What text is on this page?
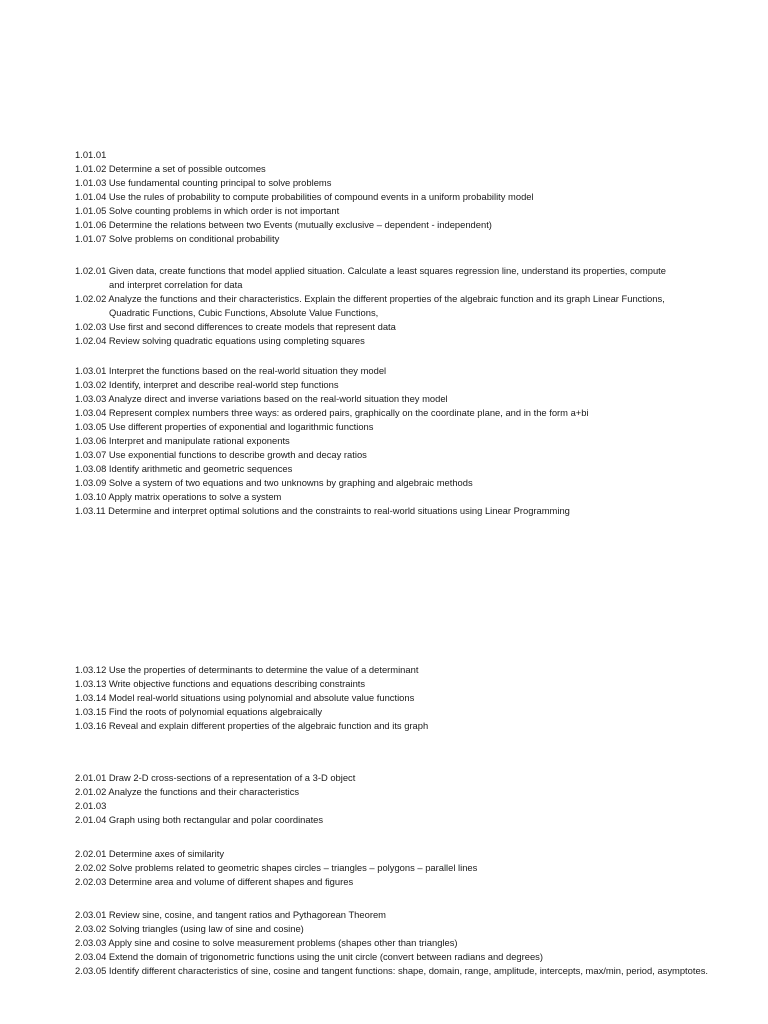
1.01.01
1.01.02 Determine a set of possible outcomes
1.01.03 Use fundamental counting principal to solve problems
1.01.04 Use the rules of probability to compute probabilities of compound events in a uniform probability model
1.01.05 Solve counting problems in which order is not important
1.01.06 Determine the relations between two Events (mutually exclusive – dependent - independent)
1.01.07 Solve problems on conditional probability
1.02.01 Given data, create functions that model applied situation. Calculate a least squares regression line, understand its properties, compute
and interpret correlation for data
1.02.02 Analyze the functions and their characteristics. Explain the different properties of the algebraic function and its graph Linear Functions,
Quadratic Functions, Cubic Functions, Absolute Value Functions,
1.02.03 Use first and second differences to create models that represent data
1.02.04 Review solving quadratic equations using completing squares
1.03.01 Interpret the functions based on the real-world situation they model
1.03.02 Identify, interpret and describe real-world step functions
1.03.03 Analyze direct and inverse variations based on the real-world situation they model
1.03.04 Represent complex numbers three ways: as ordered pairs, graphically on the coordinate plane, and in the form a+bi
1.03.05 Use different properties of exponential and logarithmic functions
1.03.06 Interpret and manipulate rational exponents
1.03.07 Use exponential functions to describe growth and decay ratios
1.03.08 Identify arithmetic and geometric sequences
1.03.09 Solve a system of two equations and two unknowns by graphing and algebraic methods
1.03.10 Apply matrix operations to solve a system
1.03.11 Determine and interpret optimal solutions and the constraints to real-world situations using Linear Programming
1.03.12 Use the properties of determinants to determine the value of a determinant
1.03.13 Write objective functions and equations describing constraints
1.03.14 Model real-world situations using polynomial and absolute value functions
1.03.15 Find the roots of polynomial equations algebraically
1.03.16 Reveal and explain different properties of the algebraic function and its graph
2.01.01 Draw 2-D cross-sections of a representation of a 3-D object
2.01.02 Analyze the functions and their characteristics
2.01.03
2.01.04 Graph using both rectangular and polar coordinates
2.02.01 Determine axes of similarity
2.02.02 Solve problems related to geometric shapes circles – triangles – polygons – parallel lines
2.02.03 Determine area and volume of different shapes and figures
2.03.01 Review sine, cosine, and tangent ratios and Pythagorean Theorem
2.03.02 Solving triangles (using law of sine and cosine)
2.03.03 Apply sine and cosine to solve measurement problems (shapes other than triangles)
2.03.04 Extend the domain of trigonometric functions using the unit circle (convert between radians and degrees)
2.03.05 Identify different characteristics of sine, cosine and tangent functions: shape, domain, range, amplitude, intercepts, max/min, period, asymptotes.
